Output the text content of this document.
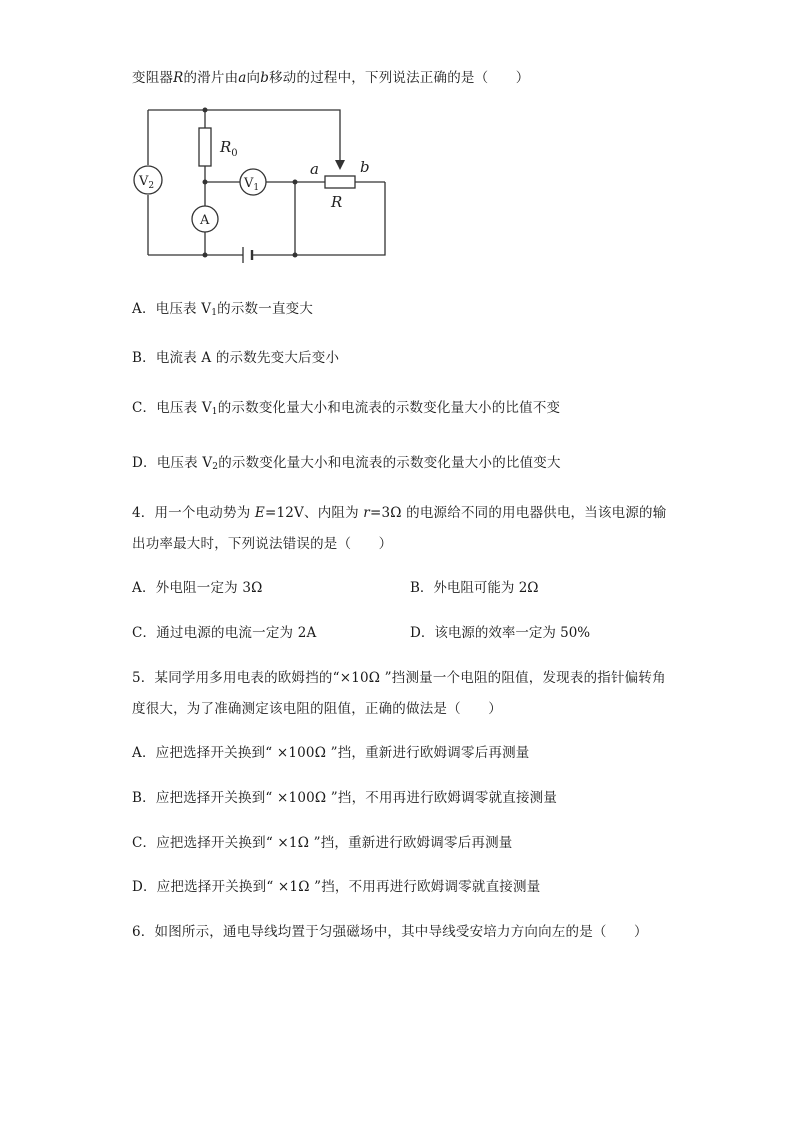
变阻器R的滑片由a向b移动的过程中，下列说法正确的是（　　）
$R_0$
$V_2$	$V_1$
A
a	b
R
A．电压表 $V_1$的示数一直变大
B．电流表 A 的示数先变大后变小
C．电压表 $V_1$的示数变化量大小和电流表的示数变化量大小的比值不变
D．电压表 $V_2$的示数变化量大小和电流表的示数变化量大小的比值变大
4．用一个电动势为 E=12V、内阻为 r=3Ω 的电源给不同的用电器供电，当该电源的输
出功率最大时，下列说法错误的是（　　）
A．外电阻一定为 3Ω	B．外电阻可能为 2Ω
C．通过电源的电流一定为 2A	D．该电源的效率一定为 50%
5．某同学用多用电表的欧姆挡的“×10Ω ”挡测量一个电阻的阻值，发现表的指针偏转角
度很大，为了准确测定该电阻的阻值，正确的做法是（　　）
A．应把选择开关换到“ ×100Ω ”挡，重新进行欧姆调零后再测量
B．应把选择开关换到“ ×100Ω ”挡，不用再进行欧姆调零就直接测量
C．应把选择开关换到“ ×1Ω ”挡，重新进行欧姆调零后再测量
D．应把选择开关换到“ ×1Ω ”挡，不用再进行欧姆调零就直接测量
6．如图所示，通电导线均置于匀强磁场中，其中导线受安培力方向向左的是（　　）
